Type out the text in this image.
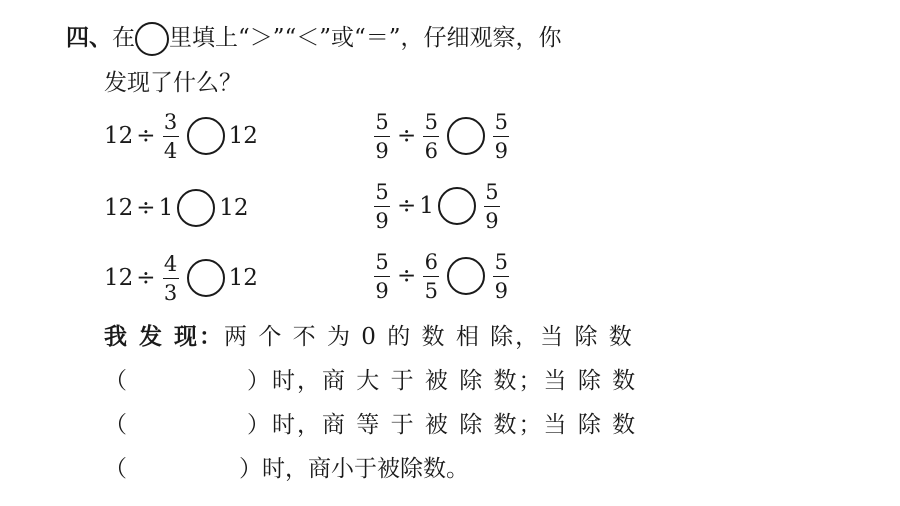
四、在 里填上“＞”“＜”或“＝”，仔细观察，你
发现了什么？
$12 \div \frac{3}{4} 12$
12 ÷ 1 12
$12 \div \frac{4}{3} 12$
$\frac{5}{9} \div \frac{5}{6}$	$\frac{5}{9}$
$\frac{5}{9} \div 1 \frac{5}{9}$
$\frac{5}{9} \div \frac{6}{5}$	$\frac{5}{9}$
我 发 现：两 个 不 为 0 的 数 相 除，当 除 数
（	）时，商 大 于 被 除 数；当 除 数
（	）时，商 等 于 被 除 数；当 除 数
（	）时，商小于被除数。
